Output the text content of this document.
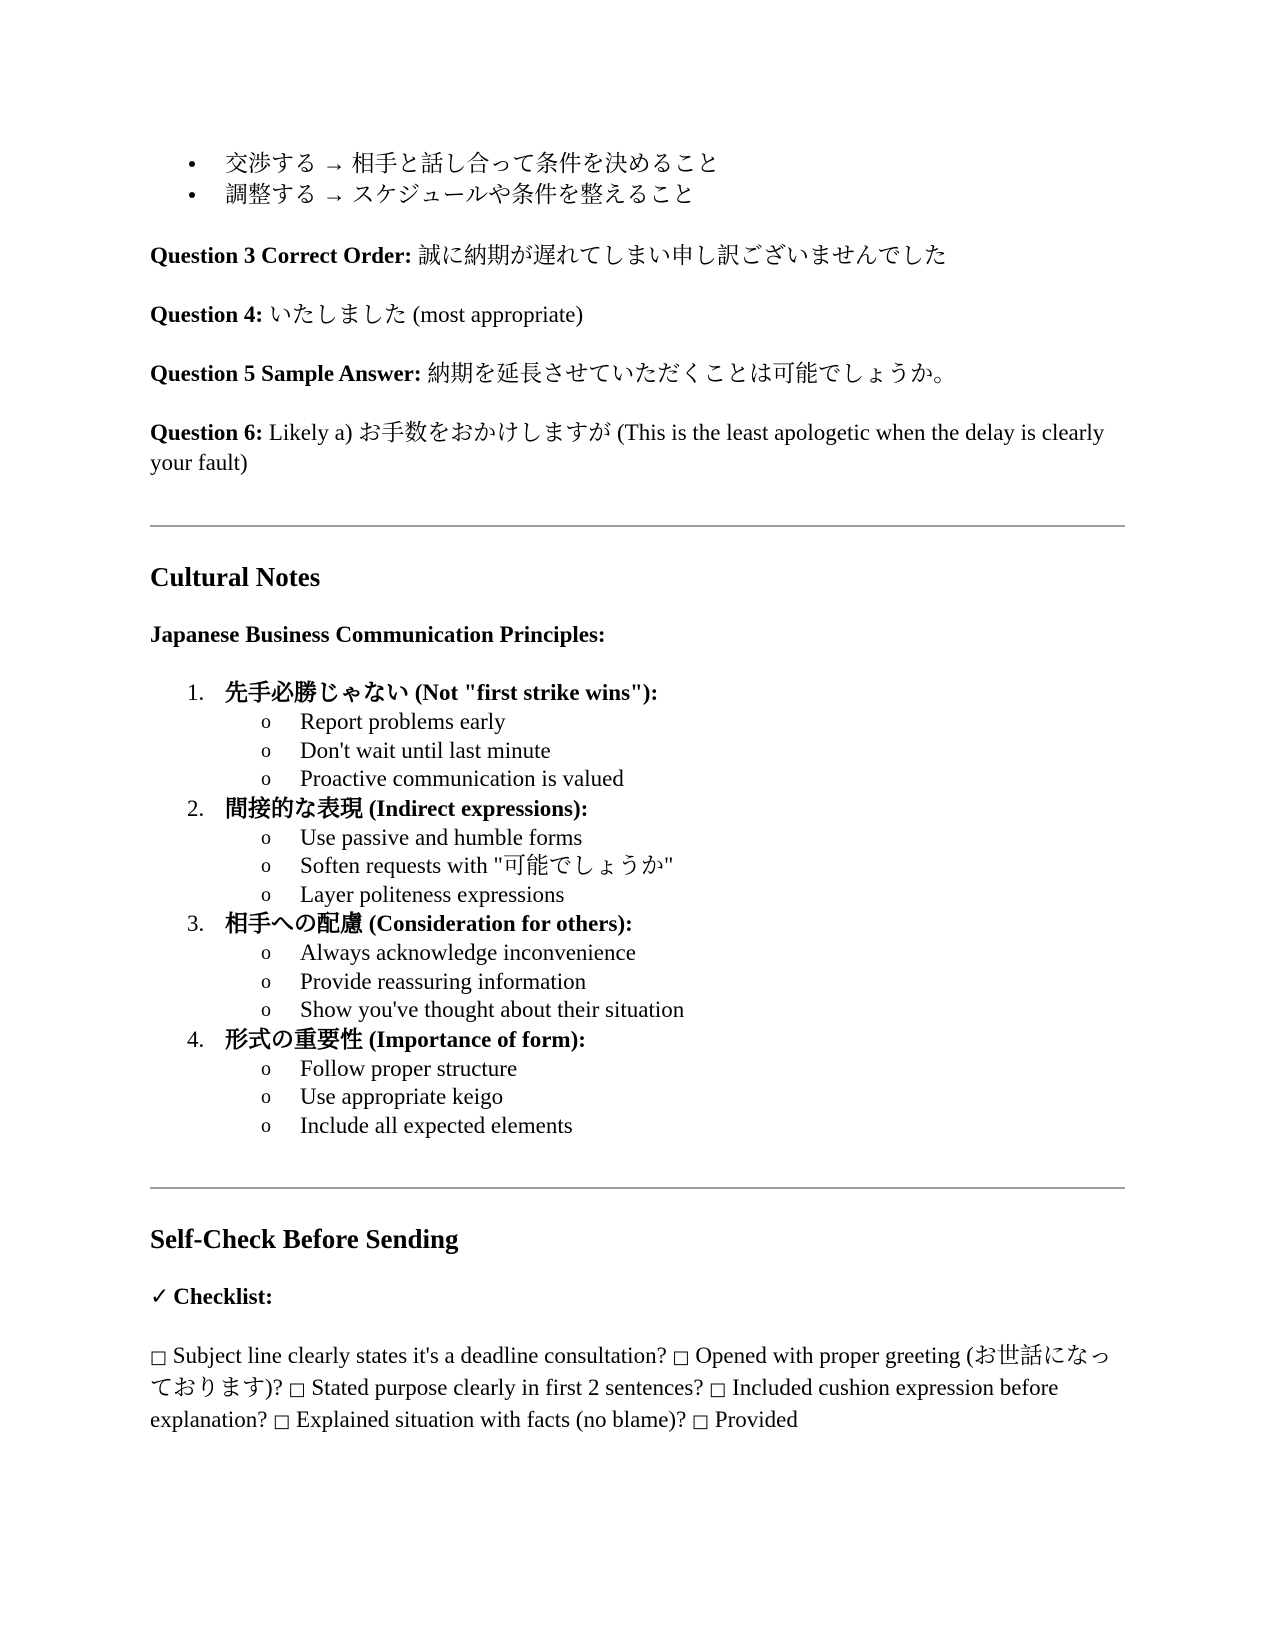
交渉する → 相手と話し合って条件を決めること
調整する → スケジュールや条件を整えること

Question 3 Correct Order: 誠に納期が遅れてしまい申し訳ございませんでした

Question 4: いたしました (most appropriate)

Question 5 Sample Answer: 納期を延長させていただくことは可能でしょうか。

Question 6: Likely a) お手数をおかけしますが (This is the least apologetic when the delay is clearly your fault)

Cultural Notes
Japanese Business Communication Principles:
1. 先手必勝じゃない (Not "first strike wins"):
o Report problems early
o Don't wait until last minute
o Proactive communication is valued
2. 間接的な表現 (Indirect expressions):
o Use passive and humble forms
o Soften requests with "可能でしょうか"
o Layer politeness expressions
3. 相手への配慮 (Consideration for others):
o Always acknowledge inconvenience
o Provide reassuring information
o Show you've thought about their situation
4. 形式の重要性 (Importance of form):
o Follow proper structure
o Use appropriate keigo
o Include all expected elements
Self-Check Before Sending
✓ Checklist:

□ Subject line clearly states it's a deadline consultation? □ Opened with proper greeting (お世話になっております)? □ Stated purpose clearly in first 2 sentences? □ Included cushion expression before explanation? □ Explained situation with facts (no blame)? □ Provided
